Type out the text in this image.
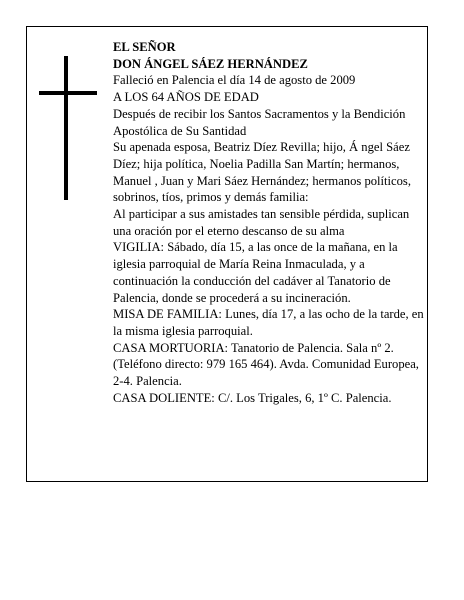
EL SEÑOR

DON ÁNGEL SÁEZ HERNÁNDEZ

Falleció en Palencia el día 14 de agosto de 2009

A LOS 64 AÑOS DE EDAD

Después de recibir los Santos Sacramentos y la Bendición Apostólica de Su Santidad

Su apenada esposa, Beatriz Díez Revilla; hijo, Á ngel Sáez Díez; hija política, Noelia Padilla San Martín; hermanos, Manuel , Juan y Mari Sáez Hernández; hermanos políticos, sobrinos, tíos, primos y demás familia:

Al participar a sus amistades tan sensible pérdida, suplican una oración por el eterno descanso de su alma

VIGILIA: Sábado, día 15, a las once de la mañana, en la iglesia parroquial de María Reina Inmaculada, y a continuación la conducción del cadáver al Tanatorio de Palencia, donde se procederá a su incineración.

MISA DE FAMILIA: Lunes, día 17, a las ocho de la tarde, en la misma iglesia parroquial.

CASA MORTUORIA: Tanatorio de Palencia. Sala nº 2. (Teléfono directo: 979 165 464). Avda. Comunidad Europea, 2-4. Palencia.

CASA DOLIENTE: C/. Los Trigales, 6, 1º C. Palencia.
